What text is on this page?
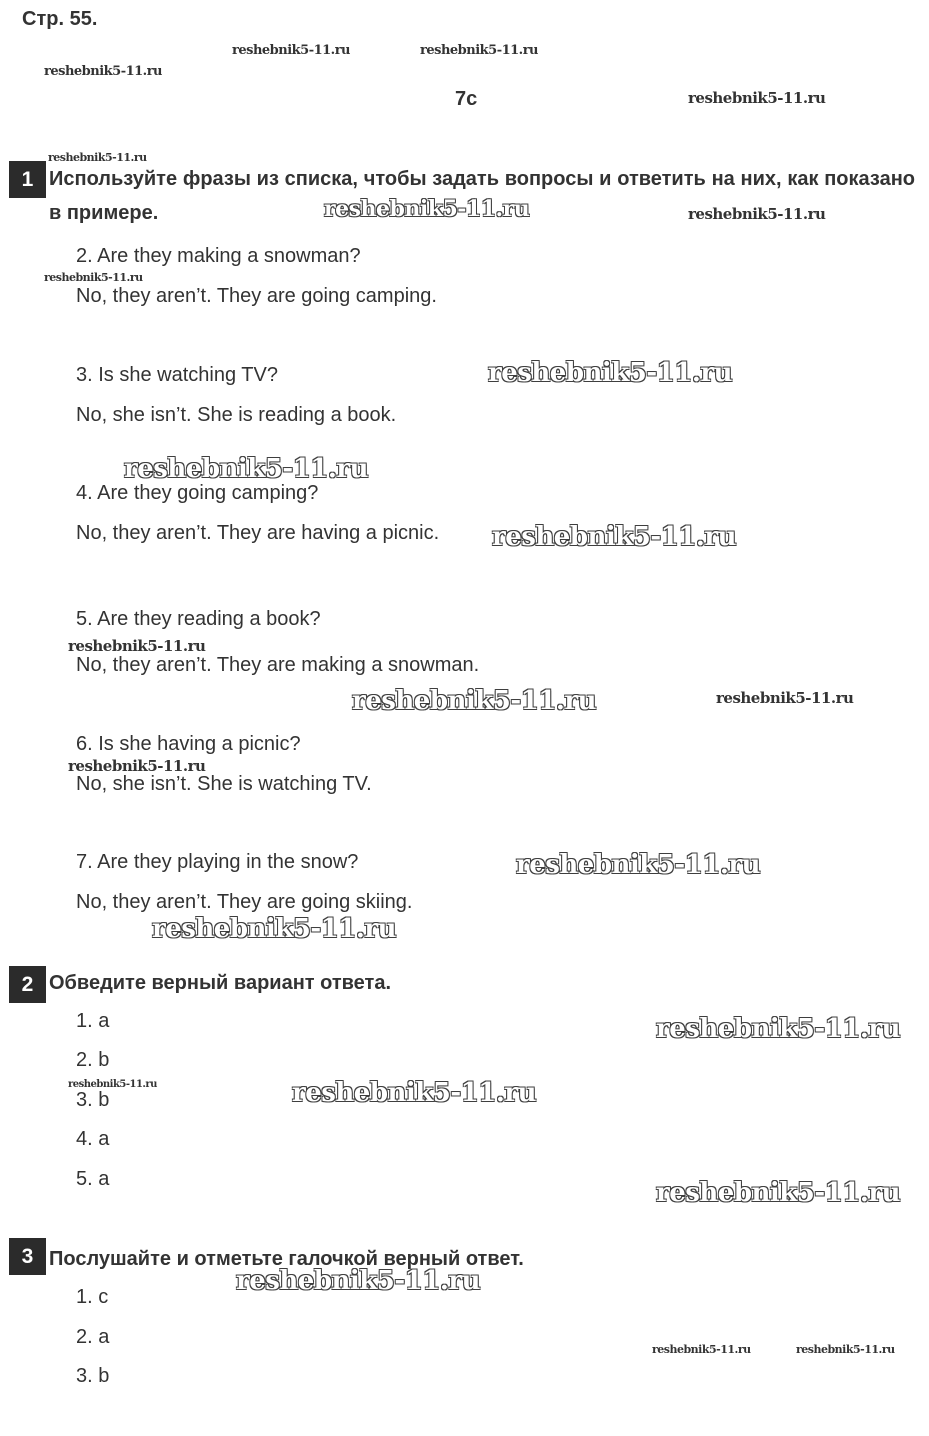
Стр. 55.
7c
1 Используйте фразы из списка, чтобы задать вопросы и ответить на них, как показано в примере.
2. Are they making a snowman?
No, they aren’t. They are going camping.
3. Is she watching TV?
No, she isn’t. She is reading a book.
4. Are they going camping?
No, they aren’t. They are having a picnic.
5. Are they reading a book?
No, they aren’t. They are making a snowman.
6. Is she having a picnic?
No, she isn’t. She is watching TV.
7. Are they playing in the snow?
No, they aren’t. They are going skiing.
2 Обведите верный вариант ответа.
1. a
2. b
3. b
4. a
5. a
3 Послушайте и отметьте галочкой верный ответ.
1. c
2. a
3. b
reshebnik5-11.ru	reshebnik5-11.ru
reshebnik5-11.ru
reshebnik5-11.ru
reshebnik5-11.ru
reshebnik5-11.ru	reshebnik5-11.ru
reshebnik5-11.ru
reshebnik5-11.ru
reshebnik5-11.ru
reshebnik5-11.ru
reshebnik5-11.ru
reshebnik5-11.ru	reshebnik5-11.ru
reshebnik5-11.ru
reshebnik5-11.ru
reshebnik5-11.ru
reshebnik5-11.ru
reshebnik5-11.ru	reshebnik5-11.ru
reshebnik5-11.ru
reshebnik5-11.ru
reshebnik5-11.ru	reshebnik5-11.ru
